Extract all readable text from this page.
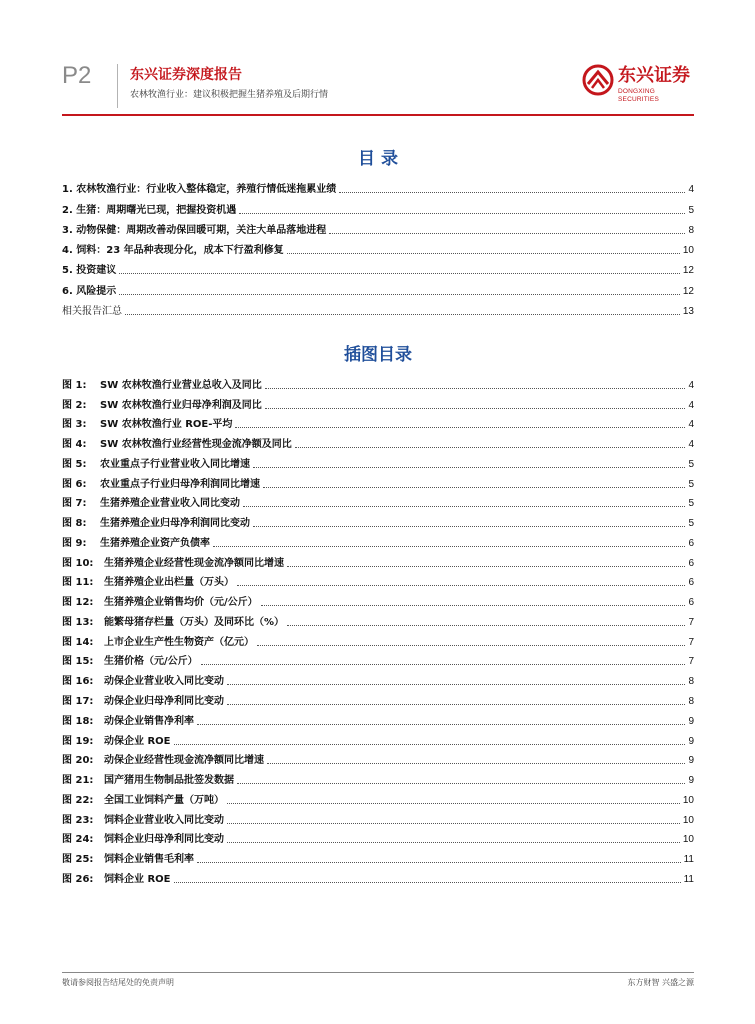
P2	东兴证券深度报告
农林牧渔行业：建议积极把握生猪养殖及后期行情
东兴证券
DONGXING SECURITIES
目 录
1. 农林牧渔行业：行业收入整体稳定，养殖行情低迷拖累业绩	4
2. 生猪：周期曙光已现，把握投资机遇	5
3. 动物保健：周期改善动保回暖可期，关注大单品落地进程	8
4. 饲料：23 年品种表现分化，成本下行盈利修复	10
5. 投资建议	12
6. 风险提示	12
相关报告汇总	13
插图目录
图 1:	SW 农林牧渔行业营业总收入及同比	4
图 2:	SW 农林牧渔行业归母净利润及同比	4
图 3:	SW 农林牧渔行业 ROE-平均	4
图 4:	SW 农林牧渔行业经营性现金流净额及同比	4
图 5:	农业重点子行业营业收入同比增速	5
图 6:	农业重点子行业归母净利润同比增速	5
图 7:	生猪养殖企业营业收入同比变动	5
图 8:	生猪养殖企业归母净利润同比变动	5
图 9:	生猪养殖企业资产负债率	6
图 10:	生猪养殖企业经营性现金流净额同比增速	6
图 11:	生猪养殖企业出栏量（万头）	6
图 12:	生猪养殖企业销售均价（元/公斤）	6
图 13:	能繁母猪存栏量（万头）及同环比（%）	7
图 14:	上市企业生产性生物资产（亿元）	7
图 15:	生猪价格（元/公斤）	7
图 16:	动保企业营业收入同比变动	8
图 17:	动保企业归母净利同比变动	8
图 18:	动保企业销售净利率	9
图 19:	动保企业 ROE	9
图 20:	动保企业经营性现金流净额同比增速	9
图 21:	国产猪用生物制品批签发数据	9
图 22:	全国工业饲料产量（万吨）	10
图 23:	饲料企业营业收入同比变动	10
图 24:	饲料企业归母净利同比变动	10
图 25:	饲料企业销售毛利率	11
图 26:	饲料企业 ROE	11
敬请参阅报告结尾处的免责声明	东方财智 兴盛之源
